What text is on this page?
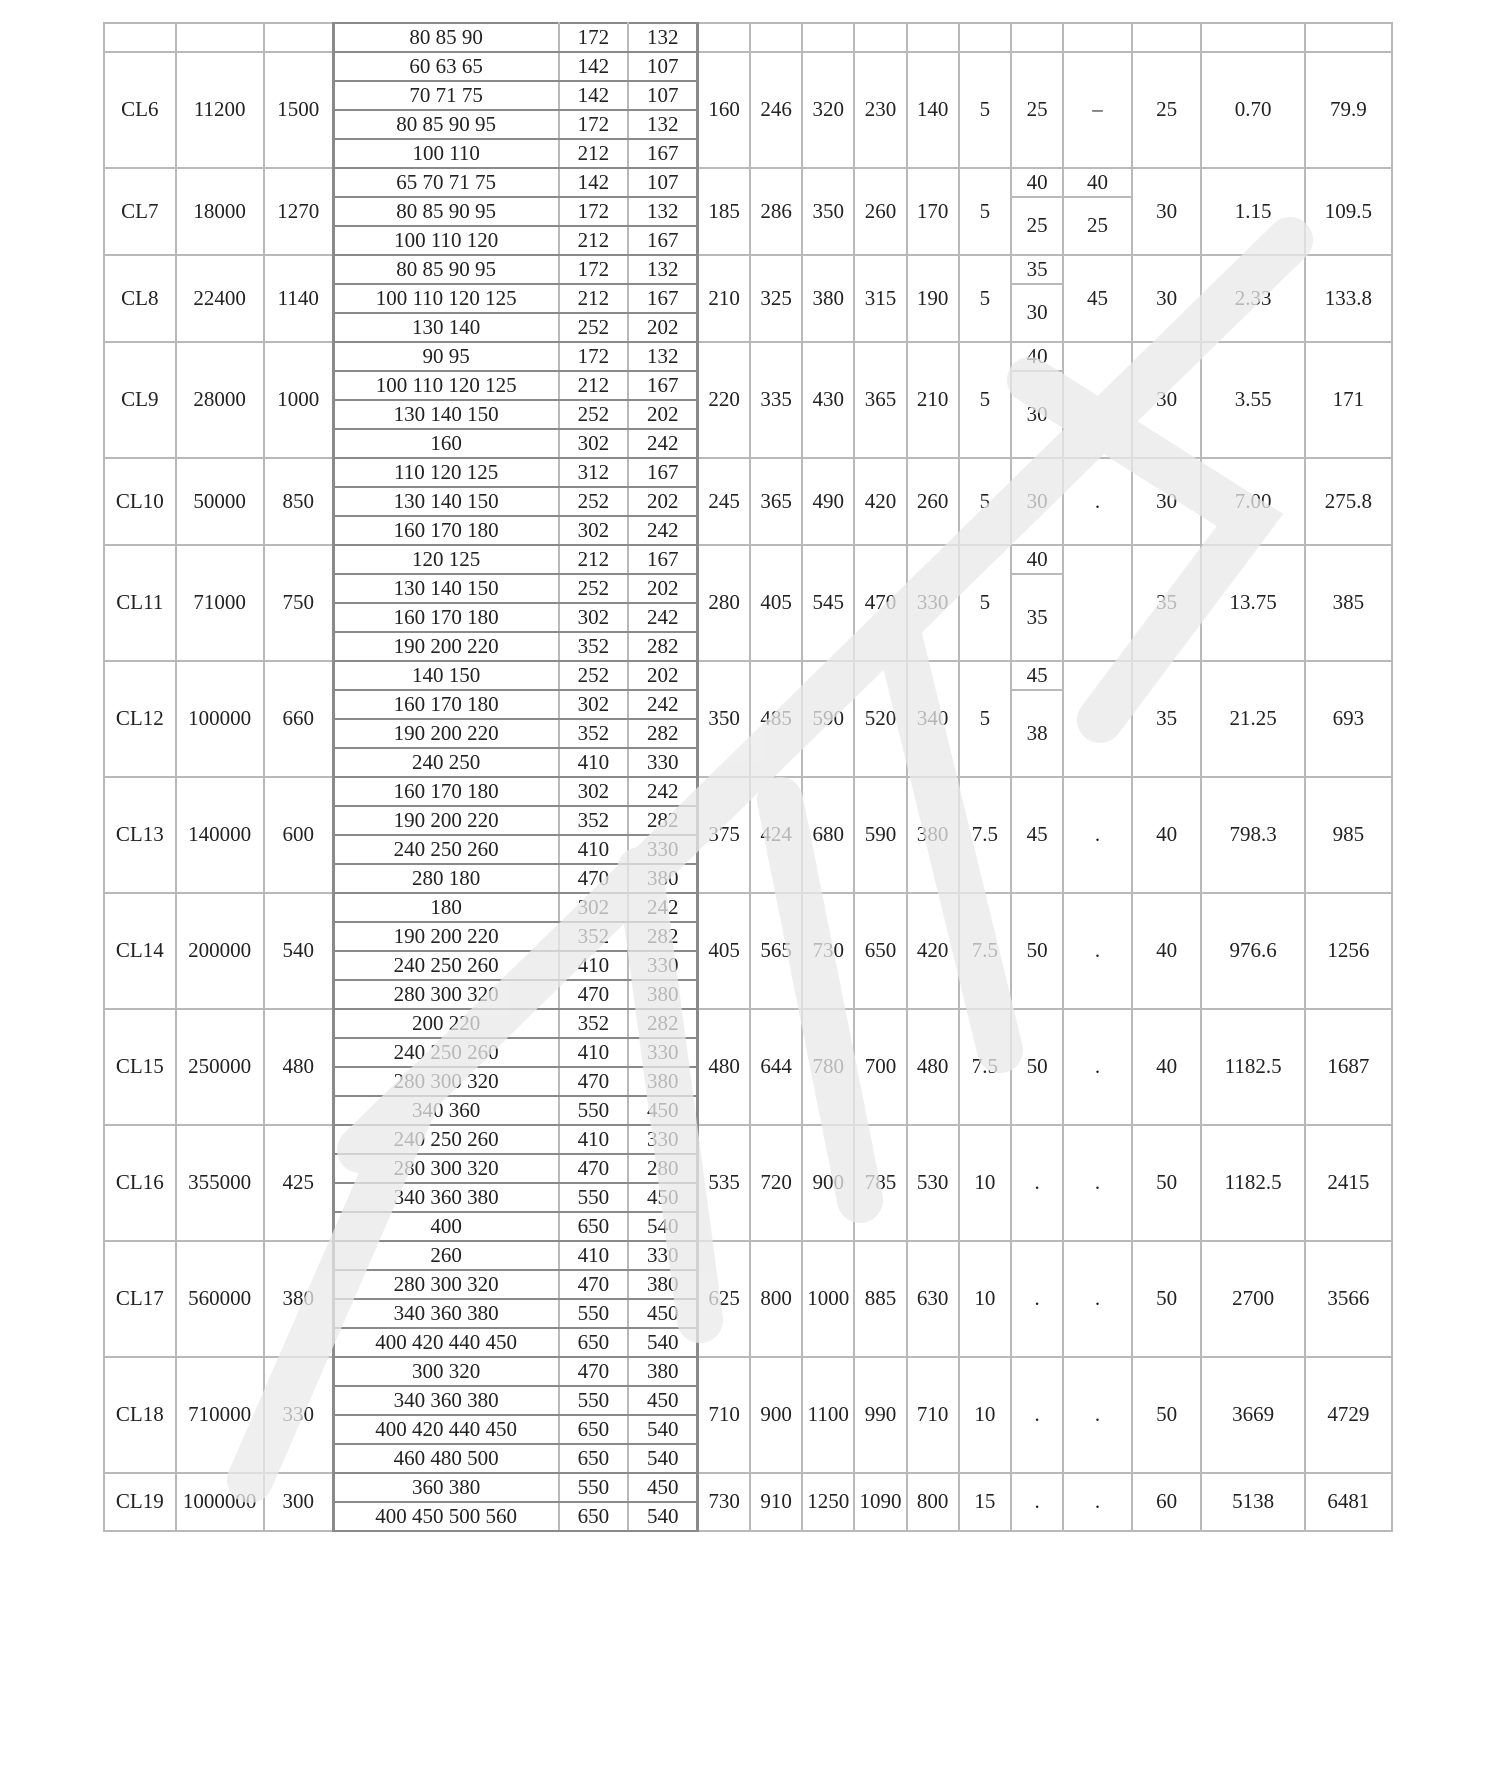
			80 85 90	172	132											
CL6	11200	1500	60 63 65	142	107	160	246	320	230	140	5	25	–	25	0.70	79.9
			70 71 75	142	107											
			80 85 90 95	172	132											
			100 110	212	167											
CL7	18000	1270	65 70 71 75	142	107	185	286	350	260	170	5	40	40	30	1.15	109.5
			80 85 90 95	172	132							25	25			
			100 110 120	212	167											
CL8	22400	1140	80 85 90 95	172	132	210	325	380	315	190	5	35	45	30	2.33	133.8
			100 110 120 125	212	167							30				
			130 140	252	202											
CL9	28000	1000	90 95	172	132	220	335	430	365	210	5	40		30	3.55	171
			100 110 120 125	212	167							30				
			130 140 150	252	202											
			160	302	242											
CL10	50000	850	110 120 125	312	167	245	365	490	420	260	5	30	.	30	7.00	275.8
			130 140 150	252	202											
			160 170 180	302	242											
CL11	71000	750	120 125	212	167	280	405	545	470	330	5	40		35	13.75	385
			130 140 150	252	202							35				
			160 170 180	302	242											
			190 200 220	352	282											
CL12	100000	660	140 150	252	202	350	485	590	520	340	5	45		35	21.25	693
			160 170 180	302	242							38				
			190 200 220	352	282											
			240 250	410	330											
CL13	140000	600	160 170 180	302	242	375	424	680	590	380	7.5	45	.	40	798.3	985
			190 200 220	352	282											
			240 250 260	410	330											
			280 180	470	380											
CL14	200000	540	180	302	242	405	565	730	650	420	7.5	50	.	40	976.6	1256
			190 200 220	352	282											
			240 250 260	410	330											
			280 300 320	470	380											
CL15	250000	480	200 220	352	282	480	644	780	700	480	7.5	50	.	40	1182.5	1687
			240 250 260	410	330											
			280 300 320	470	380											
			340 360	550	450											
CL16	355000	425	240 250 260	410	330	535	720	900	785	530	10	.	.	50	1182.5	2415
			280 300 320	470	280											
			340 360 380	550	450											
			400	650	540											
CL17	560000	380	260	410	330	625	800	1000	885	630	10	.	.	50	2700	3566
			280 300 320	470	380											
			340 360 380	550	450											
			400 420 440 450	650	540											
CL18	710000	330	300 320	470	380	710	900	1100	990	710	10	.	.	50	3669	4729
			340 360 380	550	450											
			400 420 440 450	650	540											
			460 480 500	650	540											
CL19	1000000	300	360 380	550	450	730	910	1250	1090	800	15	.	.	60	5138	6481
			400 450 500 560	650	540											
